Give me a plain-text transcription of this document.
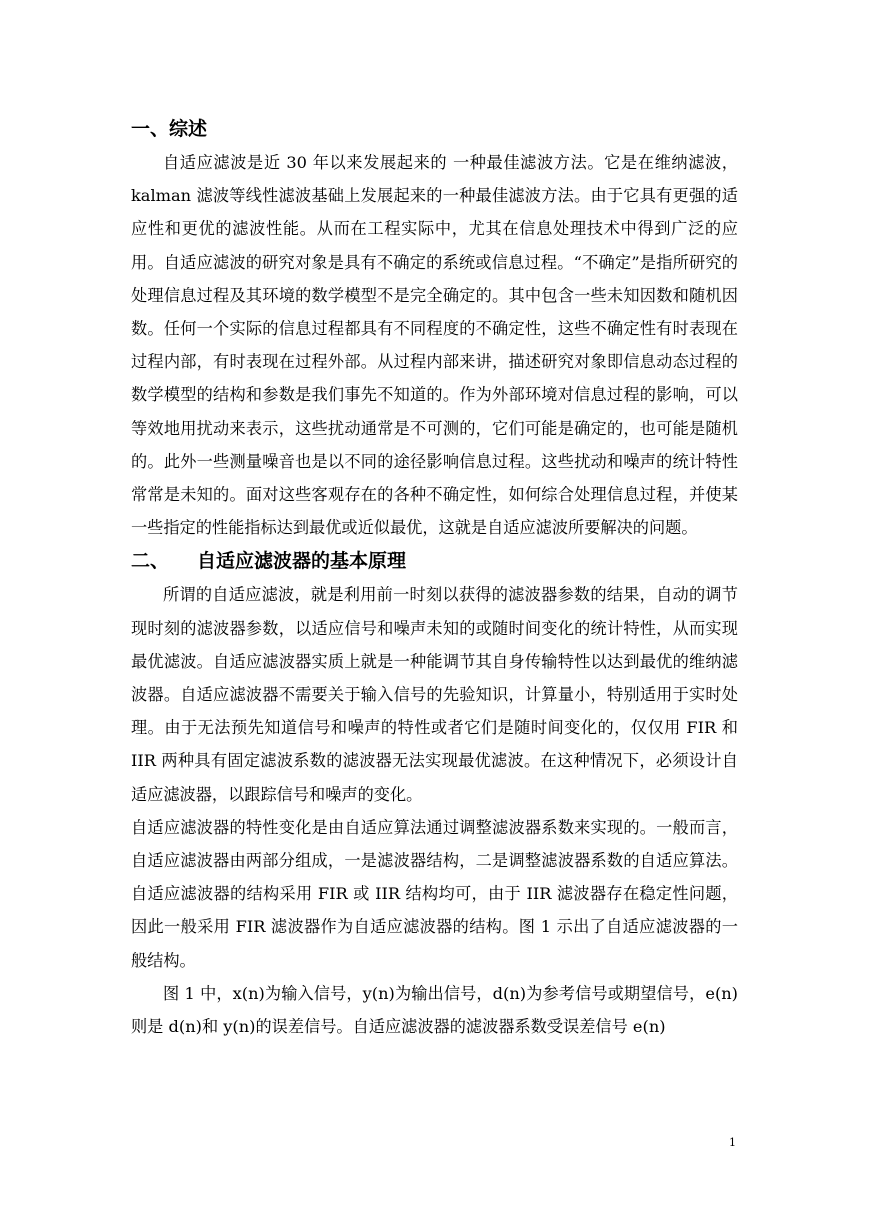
一、综述

自适应滤波是近 30 年以来发展起来的 一种最佳滤波方法。它是在维纳滤波，kalman 滤波等线性滤波基础上发展起来的一种最佳滤波方法。由于它具有更强的适应性和更优的滤波性能。从而在工程实际中，尤其在信息处理技术中得到广泛的应用。自适应滤波的研究对象是具有不确定的系统或信息过程。“不确定”是指所研究的处理信息过程及其环境的数学模型不是完全确定的。其中包含一些未知因数和随机因数。任何一个实际的信息过程都具有不同程度的不确定性，这些不确定性有时表现在过程内部，有时表现在过程外部。从过程内部来讲，描述研究对象即信息动态过程的数学模型的结构和参数是我们事先不知道的。作为外部环境对信息过程的影响，可以等效地用扰动来表示，这些扰动通常是不可测的，它们可能是确定的，也可能是随机的。此外一些测量噪音也是以不同的途径影响信息过程。这些扰动和噪声的统计特性常常是未知的。面对这些客观存在的各种不确定性，如何综合处理信息过程，并使某一些指定的性能指标达到最优或近似最优，这就是自适应滤波所要解决的问题。

二、 自适应滤波器的基本原理

所谓的自适应滤波，就是利用前一时刻以获得的滤波器参数的结果，自动的调节现时刻的滤波器参数，以适应信号和噪声未知的或随时间变化的统计特性，从而实现最优滤波。自适应滤波器实质上就是一种能调节其自身传输特性以达到最优的维纳滤波器。自适应滤波器不需要关于输入信号的先验知识，计算量小，特别适用于实时处理。由于无法预先知道信号和噪声的特性或者它们是随时间变化的，仅仅用 FIR 和 IIR 两种具有固定滤波系数的滤波器无法实现最优滤波。在这种情况下，必须设计自适应滤波器，以跟踪信号和噪声的变化。

自适应滤波器的特性变化是由自适应算法通过调整滤波器系数来实现的。一般而言，自适应滤波器由两部分组成，一是滤波器结构，二是调整滤波器系数的自适应算法。自适应滤波器的结构采用 FIR 或 IIR 结构均可，由于 IIR 滤波器存在稳定性问题，因此一般采用 FIR 滤波器作为自适应滤波器的结构。图 1 示出了自适应滤波器的一般结构。

图 1 中，x(n)为输入信号，y(n)为输出信号，d(n)为参考信号或期望信号，e(n)则是 d(n)和 y(n)的误差信号。自适应滤波器的滤波器系数受误差信号 e(n)

1
